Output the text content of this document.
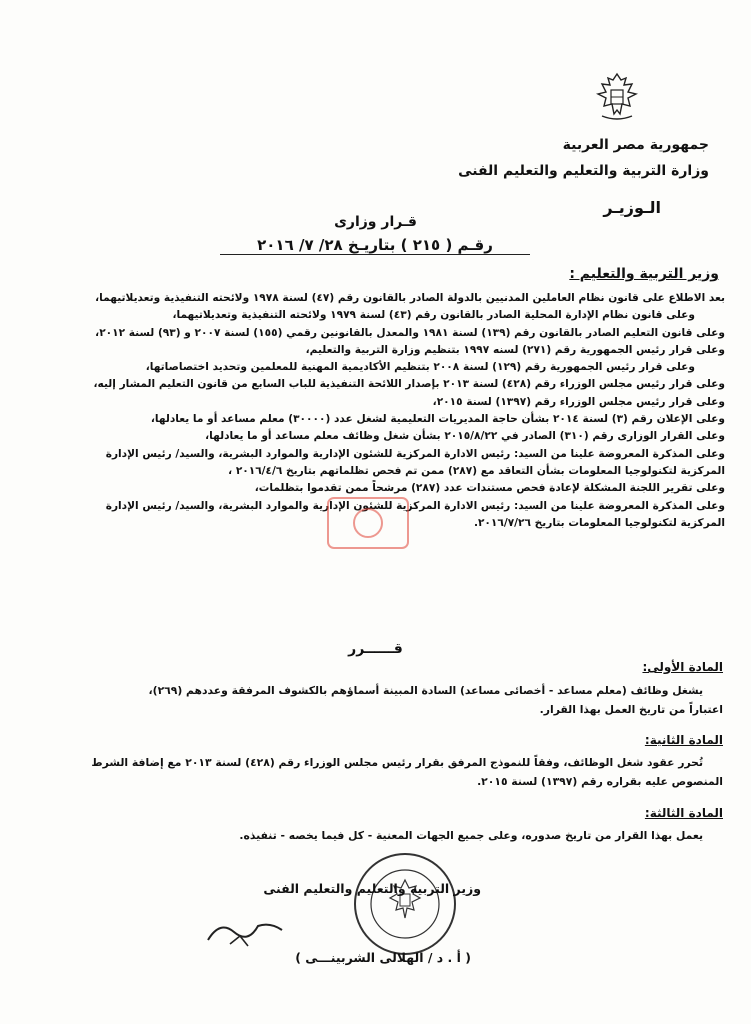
جمهورية مصر العربية
وزارة التربية والتعليم والتعليم الفنى
الـوزيـر
قـرار وزارى
رقـم ( ٢١٥ ) بتاريـخ ٢٨/ ٧/ ٢٠١٦
وزير التربية والتعليم :
بعد الاطلاع على قانون نظام العاملين المدنيين بالدولة الصادر بالقانون رقم (٤٧) لسنة ١٩٧٨ ولائحته التنفيذية وتعديلاتيهما،
وعلى قانون نظام الإدارة المحلية الصادر بالقانون رقم (٤٣) لسنة ١٩٧٩ ولائحته التنفيذية وتعديلاتيهما،
وعلى قانون التعليم الصادر بالقانون رقم (١٣٩) لسنة ١٩٨١ والمعدل بالقانونين رقمي (١٥٥) لسنة ٢٠٠٧ و (٩٣) لسنة ٢٠١٢،
وعلى قرار رئيس الجمهورية رقم (٢٧١) لسنه ١٩٩٧ بتنظيم وزارة التربية والتعليم،
وعلى قرار رئيس الجمهورية رقم (١٢٩) لسنة ٢٠٠٨ بتنظيم الأكاديمية المهنية للمعلمين وتحديد اختصاصاتها،
وعلى قرار رئيس مجلس الوزراء رقم (٤٢٨) لسنة ٢٠١٣ بإصدار اللائحة التنفيذية للباب السابع من قانون التعليم المشار إليه،
وعلى قرار رئيس مجلس الوزراء رقم (١٣٩٧) لسنة ٢٠١٥،
وعلى الإعلان رقم (٣) لسنة ٢٠١٤ بشأن حاجة المديريات التعليمية لشغل عدد (٣٠٠٠٠) معلم مساعد أو ما يعادلها،
وعلى القرار الوزارى رقم (٣١٠) الصادر في ٢٠١٥/٨/٢٢ بشأن شغل وظائف معلم مساعد أو ما يعادلها،
وعلى المذكرة المعروضة علينا من السيد: رئيس الادارة المركزية للشئون الإدارية والموارد البشرية، والسيد/ رئيس الإدارة
المركزية لتكنولوجيا المعلومات بشأن التعاقد مع (٢٨٧) ممن تم فحص تظلماتهم بتاريخ ٢٠١٦/٤/٦ ،
وعلى تقرير اللجنة المشكلة لإعادة فحص مستندات عدد (٢٨٧) مرشحاً ممن تقدموا بتظلمات،
وعلى المذكرة المعروضة علينا من السيد: رئيس الادارة المركزية للشئون الإدارية والموارد البشرية، والسيد/ رئيس الإدارة
المركزية لتكنولوجيا المعلومات بتاريخ ٢٠١٦/٧/٢٦.
قــــــرر
المادة الأولى:
يشغل وظائف (معلم مساعد - أخصائى مساعد) السادة المبينة أسماؤهم بالكشوف المرفقة وعددهم (٢٦٩)،
اعتباراً من تاريخ العمل بهذا القرار.
المادة الثانية:
تُحرر عقود شغل الوظائف، وفقاً للنموذج المرفق بقرار رئيس مجلس الوزراء رقم (٤٢٨) لسنة ٢٠١٣ مع إضافة الشرط
المنصوص عليه بقراره رقم (١٣٩٧) لسنة ٢٠١٥.
المادة الثالثة:
يعمل بهذا القرار من تاريخ صدوره، وعلى جميع الجهات المعنية - كل فيما يخصه - تنفيذه.
وزير التربية والتعليم والتعليم الفنى
( أ . د / الهلالى الشربينـــى )
